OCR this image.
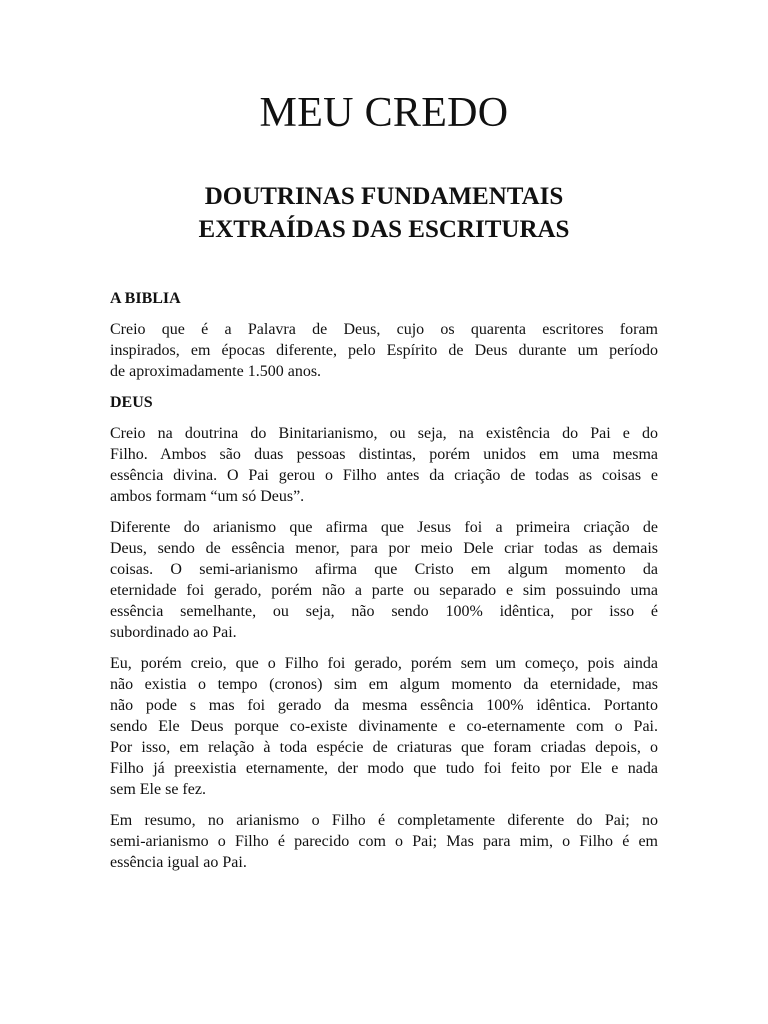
MEU CREDO
DOUTRINAS FUNDAMENTAIS
EXTRAÍDAS DAS ESCRITURAS
A BIBLIA
Creio que é a Palavra de Deus, cujo os quarenta escritores foram
inspirados, em épocas diferente, pelo Espírito de Deus durante um período
de aproximadamente 1.500 anos.
DEUS
Creio na doutrina do Binitarianismo, ou seja, na existência do Pai e do
Filho. Ambos são duas pessoas distintas, porém unidos em uma mesma
essência divina. O Pai gerou o Filho antes da criação de todas as coisas e
ambos formam “um só Deus”.
Diferente do arianismo que afirma que Jesus foi a primeira criação de
Deus, sendo de essência menor, para por meio Dele criar todas as demais
coisas. O semi-arianismo afirma que Cristo em algum momento da
eternidade foi gerado, porém não a parte ou separado e sim possuindo uma
essência semelhante, ou seja, não sendo 100% idêntica, por isso é
subordinado ao Pai.
Eu, porém creio, que o Filho foi gerado, porém sem um começo, pois ainda
não existia o tempo (cronos) sim em algum momento da eternidade, mas
não pode s mas foi gerado da mesma essência 100% idêntica. Portanto
sendo Ele Deus porque co-existe divinamente e co-eternamente com o Pai.
Por isso, em relação à toda espécie de criaturas que foram criadas depois, o
Filho já preexistia eternamente, der modo que tudo foi feito por Ele e nada
sem Ele se fez.
Em resumo, no arianismo o Filho é completamente diferente do Pai; no
semi-arianismo o Filho é parecido com o Pai; Mas para mim, o Filho é em
essência igual ao Pai.
